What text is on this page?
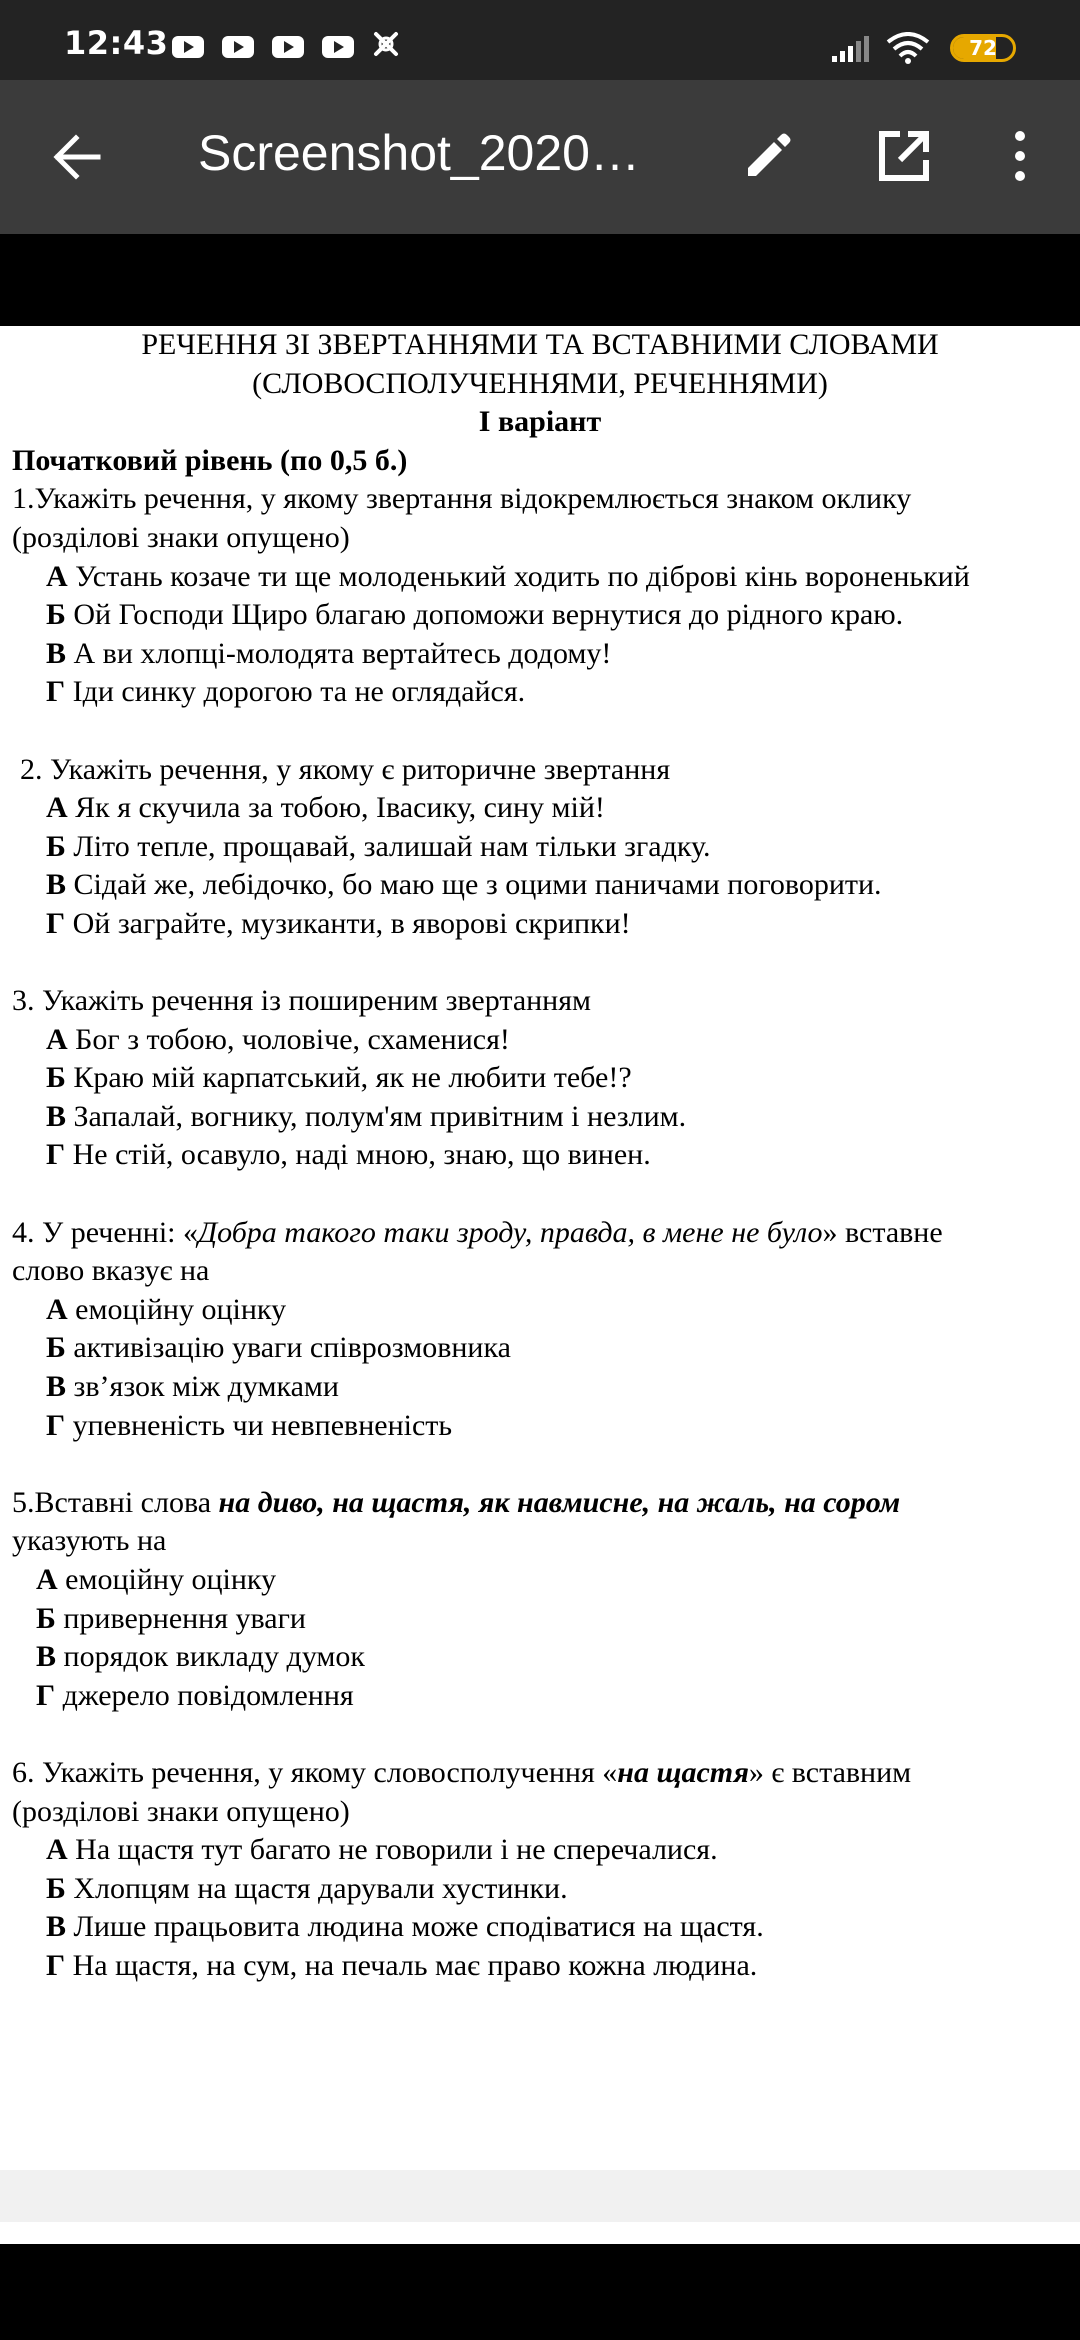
12:43	72
Screenshot_2020…
РЕЧЕННЯ ЗІ ЗВЕРТАННЯМИ ТА ВСТАВНИМИ СЛОВАМИ
(СЛОВОСПОЛУЧЕННЯМИ, РЕЧЕННЯМИ)
І варіант
Початковий рівень (по 0,5 б.)
1.Укажіть речення, у якому звертання відокремлюється знаком оклику
(розділові знаки опущено)
А Устань козаче ти ще молоденький ходить по діброві кінь вороненький
Б Ой Господи Щиро благаю допоможи вернутися до рідного краю.
В А ви хлопці-молодята вертайтесь додому!
Г Іди синку дорогою та не оглядайся.
2. Укажіть речення, у якому є риторичне звертання
А Як я скучила за тобою, Івасику, сину мій!
Б Літо тепле, прощавай, залишай нам тільки згадку.
В Сідай же, лебідочко, бо маю ще з оцими паничами поговорити.
Г Ой заграйте, музиканти, в яворові скрипки!
3. Укажіть речення із поширеним звертанням
А Бог з тобою, чоловіче, схаменися!
Б Краю мій карпатський, як не любити тебе!?
В Запалай, вогнику, полум'ям привітним і незлим.
Г Не стій, осавуло, наді мною, знаю, що винен.
4. У реченні: «Добра такого таки зроду, правда, в мене не було» вставне
слово вказує на
А емоційну оцінку
Б активізацію уваги співрозмовника
В зв’язок між думками
Г упевненість чи невпевненість
5.Вставні слова на диво, на щастя, як навмисне, на жаль, на сором
указують на
А емоційну оцінку
Б привернення уваги
В порядок викладу думок
Г джерело повідомлення
6. Укажіть речення, у якому словосполучення «на щастя» є вставним
(розділові знаки опущено)
А На щастя тут багато не говорили і не сперечалися.
Б Хлопцям на щастя дарували хустинки.
В Лише працьовита людина може сподіватися на щастя.
Г На щастя, на сум, на печаль має право кожна людина.
